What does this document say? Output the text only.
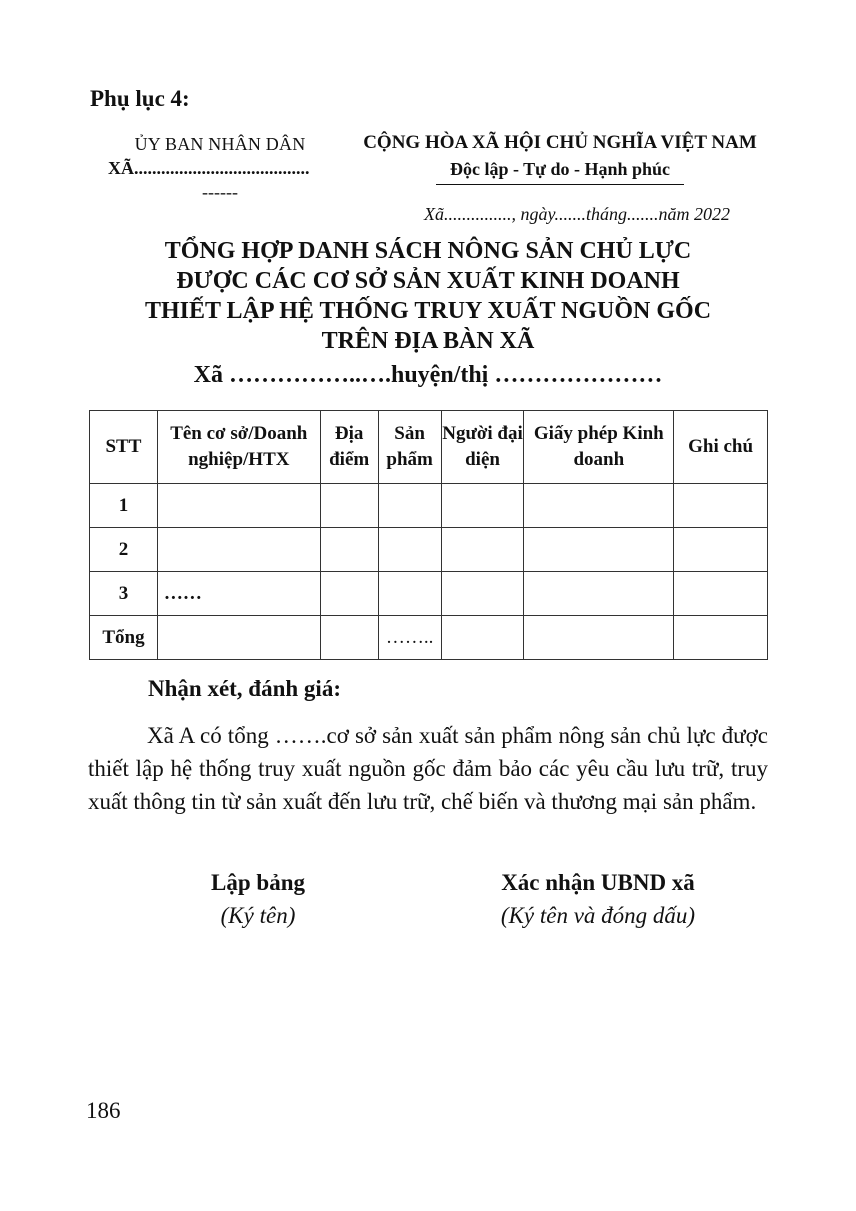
Phụ lục 4:
ỦY BAN NHÂN DÂN
XÃ.......................................
------
CỘNG HÒA XÃ HỘI CHỦ NGHĨA VIỆT NAM
Độc lập - Tự do - Hạnh phúc
Xã..............., ngày.......tháng.......năm 2022
TỔNG HỢP DANH SÁCH NÔNG SẢN CHỦ LỰC
ĐƯỢC CÁC CƠ SỞ SẢN XUẤT KINH DOANH
THIẾT LẬP HỆ THỐNG TRUY XUẤT NGUỒN GỐC
TRÊN ĐỊA BÀN XÃ
Xã ……………..….huyện/thị …………………
STT	Tên cơ sở/Doanh nghiệp/HTX	Địa điểm	Sản phẩm	Người đại diện	Giấy phép Kinh doanh	Ghi chú
1						
2						
3	……					
Tổng			……..			
Nhận xét, đánh giá:
Xã A có tổng …….cơ sở sản xuất sản phẩm nông sản chủ lực được thiết lập hệ thống truy xuất nguồn gốc đảm bảo các yêu cầu lưu trữ, truy xuất thông tin từ sản xuất đến lưu trữ, chế biến và thương mại sản phẩm.
Lập bảng
(Ký tên)
Xác nhận UBND xã
(Ký tên và đóng dấu)
186
